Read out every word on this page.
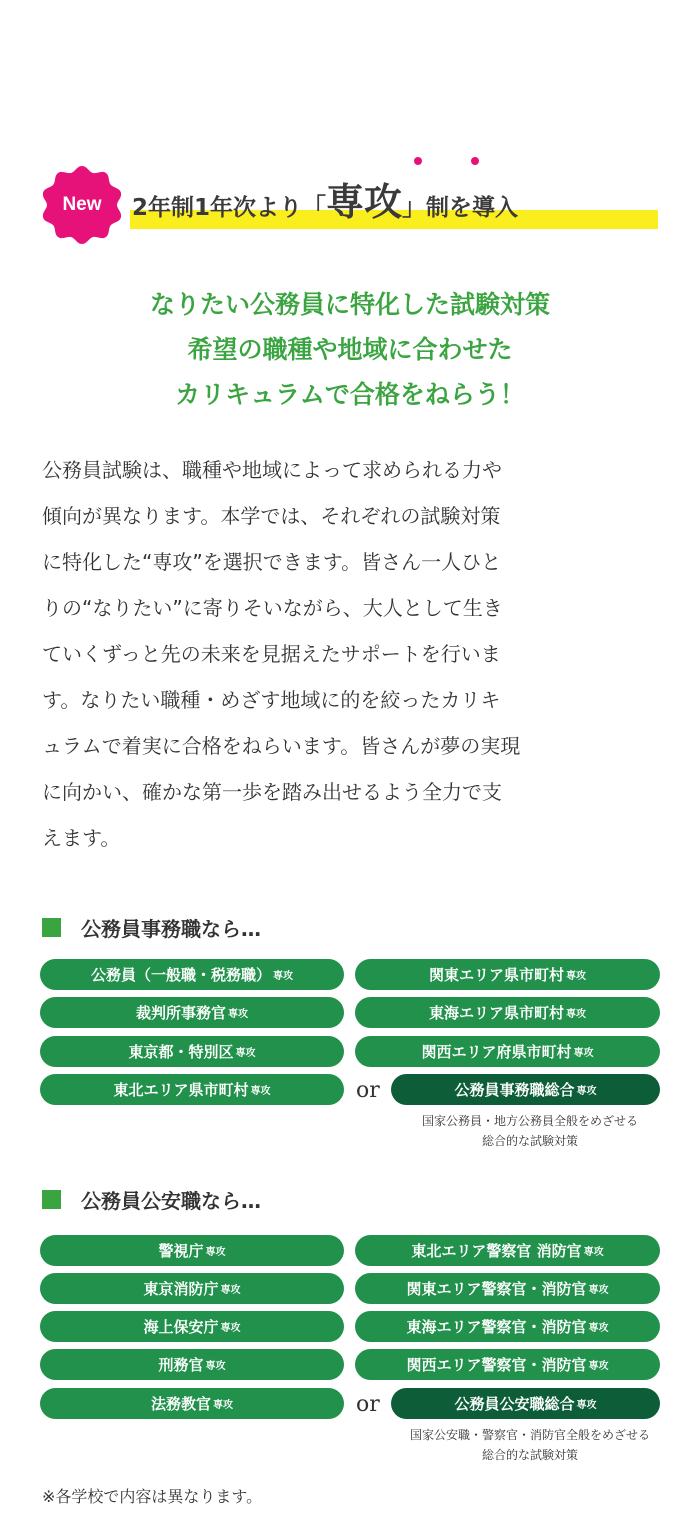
New	2年制1年次より「専攻」制を導入
なりたい公務員に特化した試験対策
希望の職種や地域に合わせた
カリキュラムで合格をねらう！
公務員試験は、職種や地域によって求められる力や
傾向が異なります。本学では、それぞれの試験対策
に特化した“専攻”を選択できます。皆さん一人ひと
りの“なりたい”に寄りそいながら、大人として生き
ていくずっと先の未来を見据えたサポートを行いま
す。なりたい職種・めざす地域に的を絞ったカリキ
ュラムで着実に合格をねらいます。皆さんが夢の実現
に向かい、確かな第一歩を踏み出せるよう全力で支
えます。
公務員事務職なら…
公務員（一般職・税務職） 専攻
裁判所事務官 専攻
東京都・特別区 専攻
東北エリア県市町村 専攻
関東エリア県市町村 専攻
東海エリア県市町村 専攻
関西エリア府県市町村 専攻
or	公務員事務職総合 専攻
国家公務員・地方公務員全般をめざせる
総合的な試験対策
公務員公安職なら…
警視庁 専攻
東京消防庁 専攻
海上保安庁 専攻
刑務官 専攻
法務教官 専攻
東北エリア警察官 消防官 専攻
関東エリア警察官・消防官 専攻
東海エリア警察官・消防官 専攻
関西エリア警察官・消防官 専攻
or	公務員公安職総合 専攻
国家公安職・警察官・消防官全般をめざせる
総合的な試験対策
※各学校で内容は異なります。
